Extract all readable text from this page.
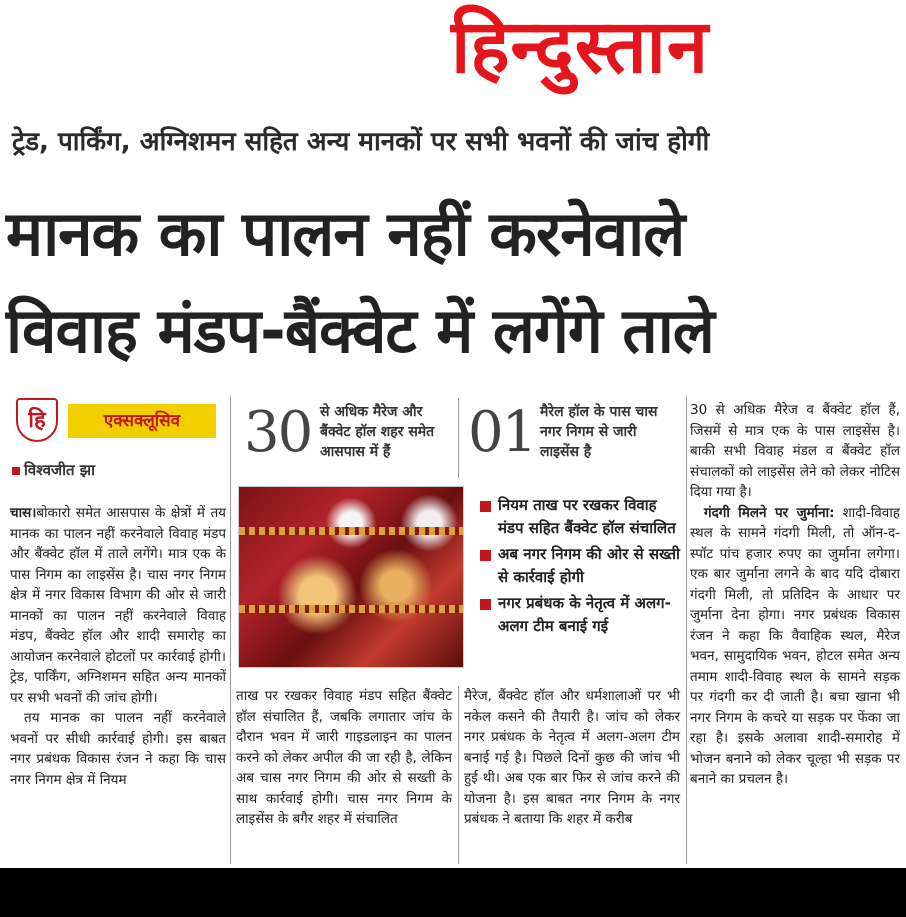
हिन्दुस्तान
ट्रेड, पार्किंग, अग्निशमन सहित अन्य मानकों पर सभी भवनों की जांच होगी
मानक का पालन नहीं करनेवाले
विवाह मंडप-बैंक्वेट में लगेंगे ताले
हि	एक्सक्लूसिव
विश्वजीत झा

चास।बोकारो समेत आसपास के क्षेत्रों में तय मानक का पालन नहीं करनेवाले विवाह मंडप और बैंक्वेट हॉल में ताले लगेंगे। मात्र एक के पास निगम का लाइसेंस है। चास नगर निगम क्षेत्र में नगर विकास विभाग की ओर से जारी मानकों का पालन नहीं करनेवाले विवाह मंडप, बैंक्वेट हॉल और शादी समारोह का आयोजन करनेवाले होटलों पर कार्रवाई होगी। ट्रेड, पार्किंग, अग्निशमन सहित अन्य मानकों पर सभी भवनों की जांच होगी।

तय मानक का पालन नहीं करनेवाले भवनों पर सीधी कार्रवाई होगी। इस बाबत नगर प्रबंधक विकास रंजन ने कहा कि चास नगर निगम क्षेत्र में नियम

30 से अधिक मैरेज और बैंक्वेट हॉल शहर समेत आसपास में हैं	01 मैरेल हॉल के पास चास नगर निगम से जारी लाइसेंस है
नियम ताख पर रखकर विवाह मंडप सहित बैंक्वेट हॉल संचालित
अब नगर निगम की ओर से सख्ती से कार्रवाई होगी
नगर प्रबंधक के नेतृत्व में अलग-अलग टीम बनाई गई

ताख पर रखकर विवाह मंडप सहित बैंक्वेट हॉल संचालित हैं, जबकि लगातार जांच के दौरान भवन में जारी गाइडलाइन का पालन करने को लेकर अपील की जा रही है, लेकिन अब चास नगर निगम की ओर से सख्ती के साथ कार्रवाई होगी। चास नगर निगम के लाइसेंस के बगैर शहर में संचालित

मैरेज, बैंक्वेट हॉल और धर्मशालाओं पर भी नकेल कसने की तैयारी है। जांच को लेकर नगर प्रबंधक के नेतृत्व में अलग-अलग टीम बनाई गई है। पिछले दिनों कुछ की जांच भी हुई थी। अब एक बार फिर से जांच करने की योजना है। इस बाबत नगर निगम के नगर प्रबंधक ने बताया कि शहर में करीब

30 से अधिक मैरेज व बैंक्वेट हॉल हैं, जिसमें से मात्र एक के पास लाइसेंस है। बाकी सभी विवाह मंडल व बैंक्वेट हॉल संचालकों को लाइसेंस लेने को लेकर नोटिस दिया गया है।

गंदगी मिलने पर जुर्माना: शादी-विवाह स्थल के सामने गंदगी मिली, तो ऑन-द-स्पॉट पांच हजार रुपए का जुर्माना लगेगा। एक बार जुर्माना लगने के बाद यदि दोबारा गंदगी मिली, तो प्रतिदिन के आधार पर जुर्माना देना होगा। नगर प्रबंधक विकास रंजन ने कहा कि वैवाहिक स्थल, मैरेज भवन, सामुदायिक भवन, होटल समेत अन्य तमाम शादी-विवाह स्थल के सामने सड़क पर गंदगी कर दी जाती है। बचा खाना भी नगर निगम के कचरे या सड़क पर फेंका जा रहा है। इसके अलावा शादी-समारोह में भोजन बनाने को लेकर चूल्हा भी सड़क पर बनाने का प्रचलन है।
